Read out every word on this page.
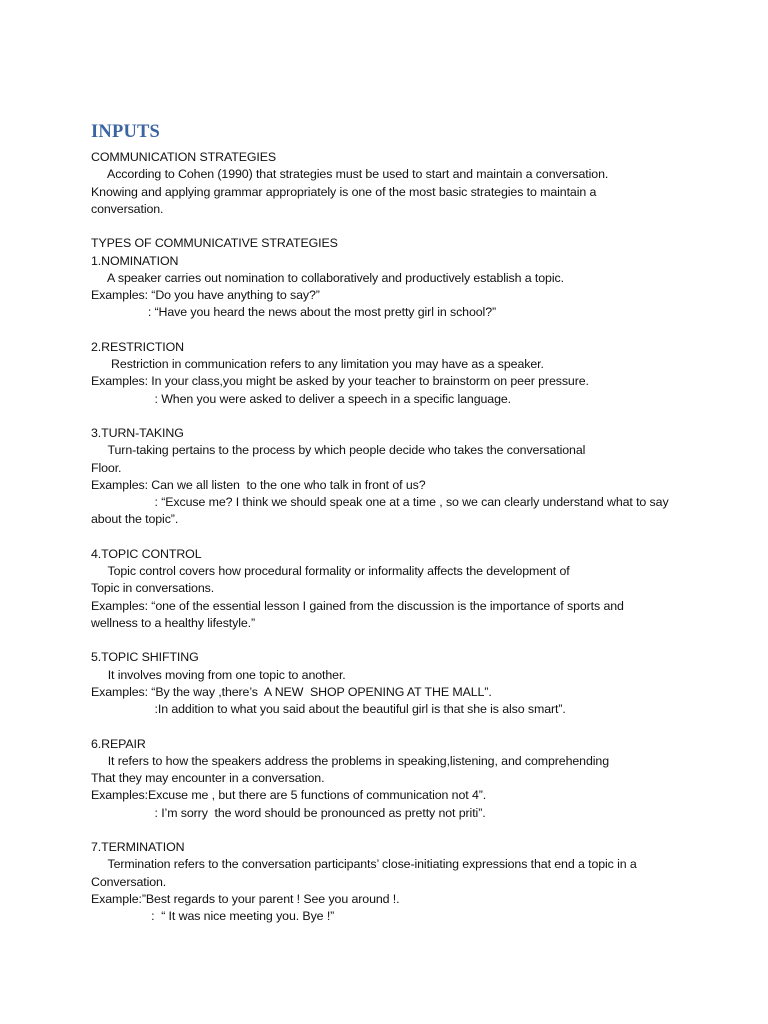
INPUTS
COMMUNICATION STRATEGIES
According to Cohen (1990) that strategies must be used to start and maintain a conversation.
Knowing and applying grammar appropriately is one of the most basic strategies to maintain a
conversation.
TYPES OF COMMUNICATIVE STRATEGIES
1.NOMINATION
A speaker carries out nomination to collaboratively and productively establish a topic.
Examples: “Do you have anything to say?”
: “Have you heard the news about the most pretty girl in school?”
2.RESTRICTION
Restriction in communication refers to any limitation you may have as a speaker.
Examples: In your class,you might be asked by your teacher to brainstorm on peer pressure.
: When you were asked to deliver a speech in a specific language.
3.TURN-TAKING
Turn-taking pertains to the process by which people decide who takes the conversational
Floor.
Examples: Can we all listen  to the one who talk in front of us?
: “Excuse me? I think we should speak one at a time , so we can clearly understand what to say
about the topic”.
4.TOPIC CONTROL
Topic control covers how procedural formality or informality affects the development of
Topic in conversations.
Examples: “one of the essential lesson I gained from the discussion is the importance of sports and
wellness to a healthy lifestyle.”
5.TOPIC SHIFTING
It involves moving from one topic to another.
Examples: “By the way ,there’s  A NEW  SHOP OPENING AT THE MALL”.
:In addition to what you said about the beautiful girl is that she is also smart”.
6.REPAIR
It refers to how the speakers address the problems in speaking,listening, and comprehending
That they may encounter in a conversation.
Examples:Excuse me , but there are 5 functions of communication not 4”.
: I’m sorry  the word should be pronounced as pretty not priti”.
7.TERMINATION
Termination refers to the conversation participants’ close-initiating expressions that end a topic in a
Conversation.
Example:”Best regards to your parent ! See you around !.
:  “ It was nice meeting you. Bye !”
